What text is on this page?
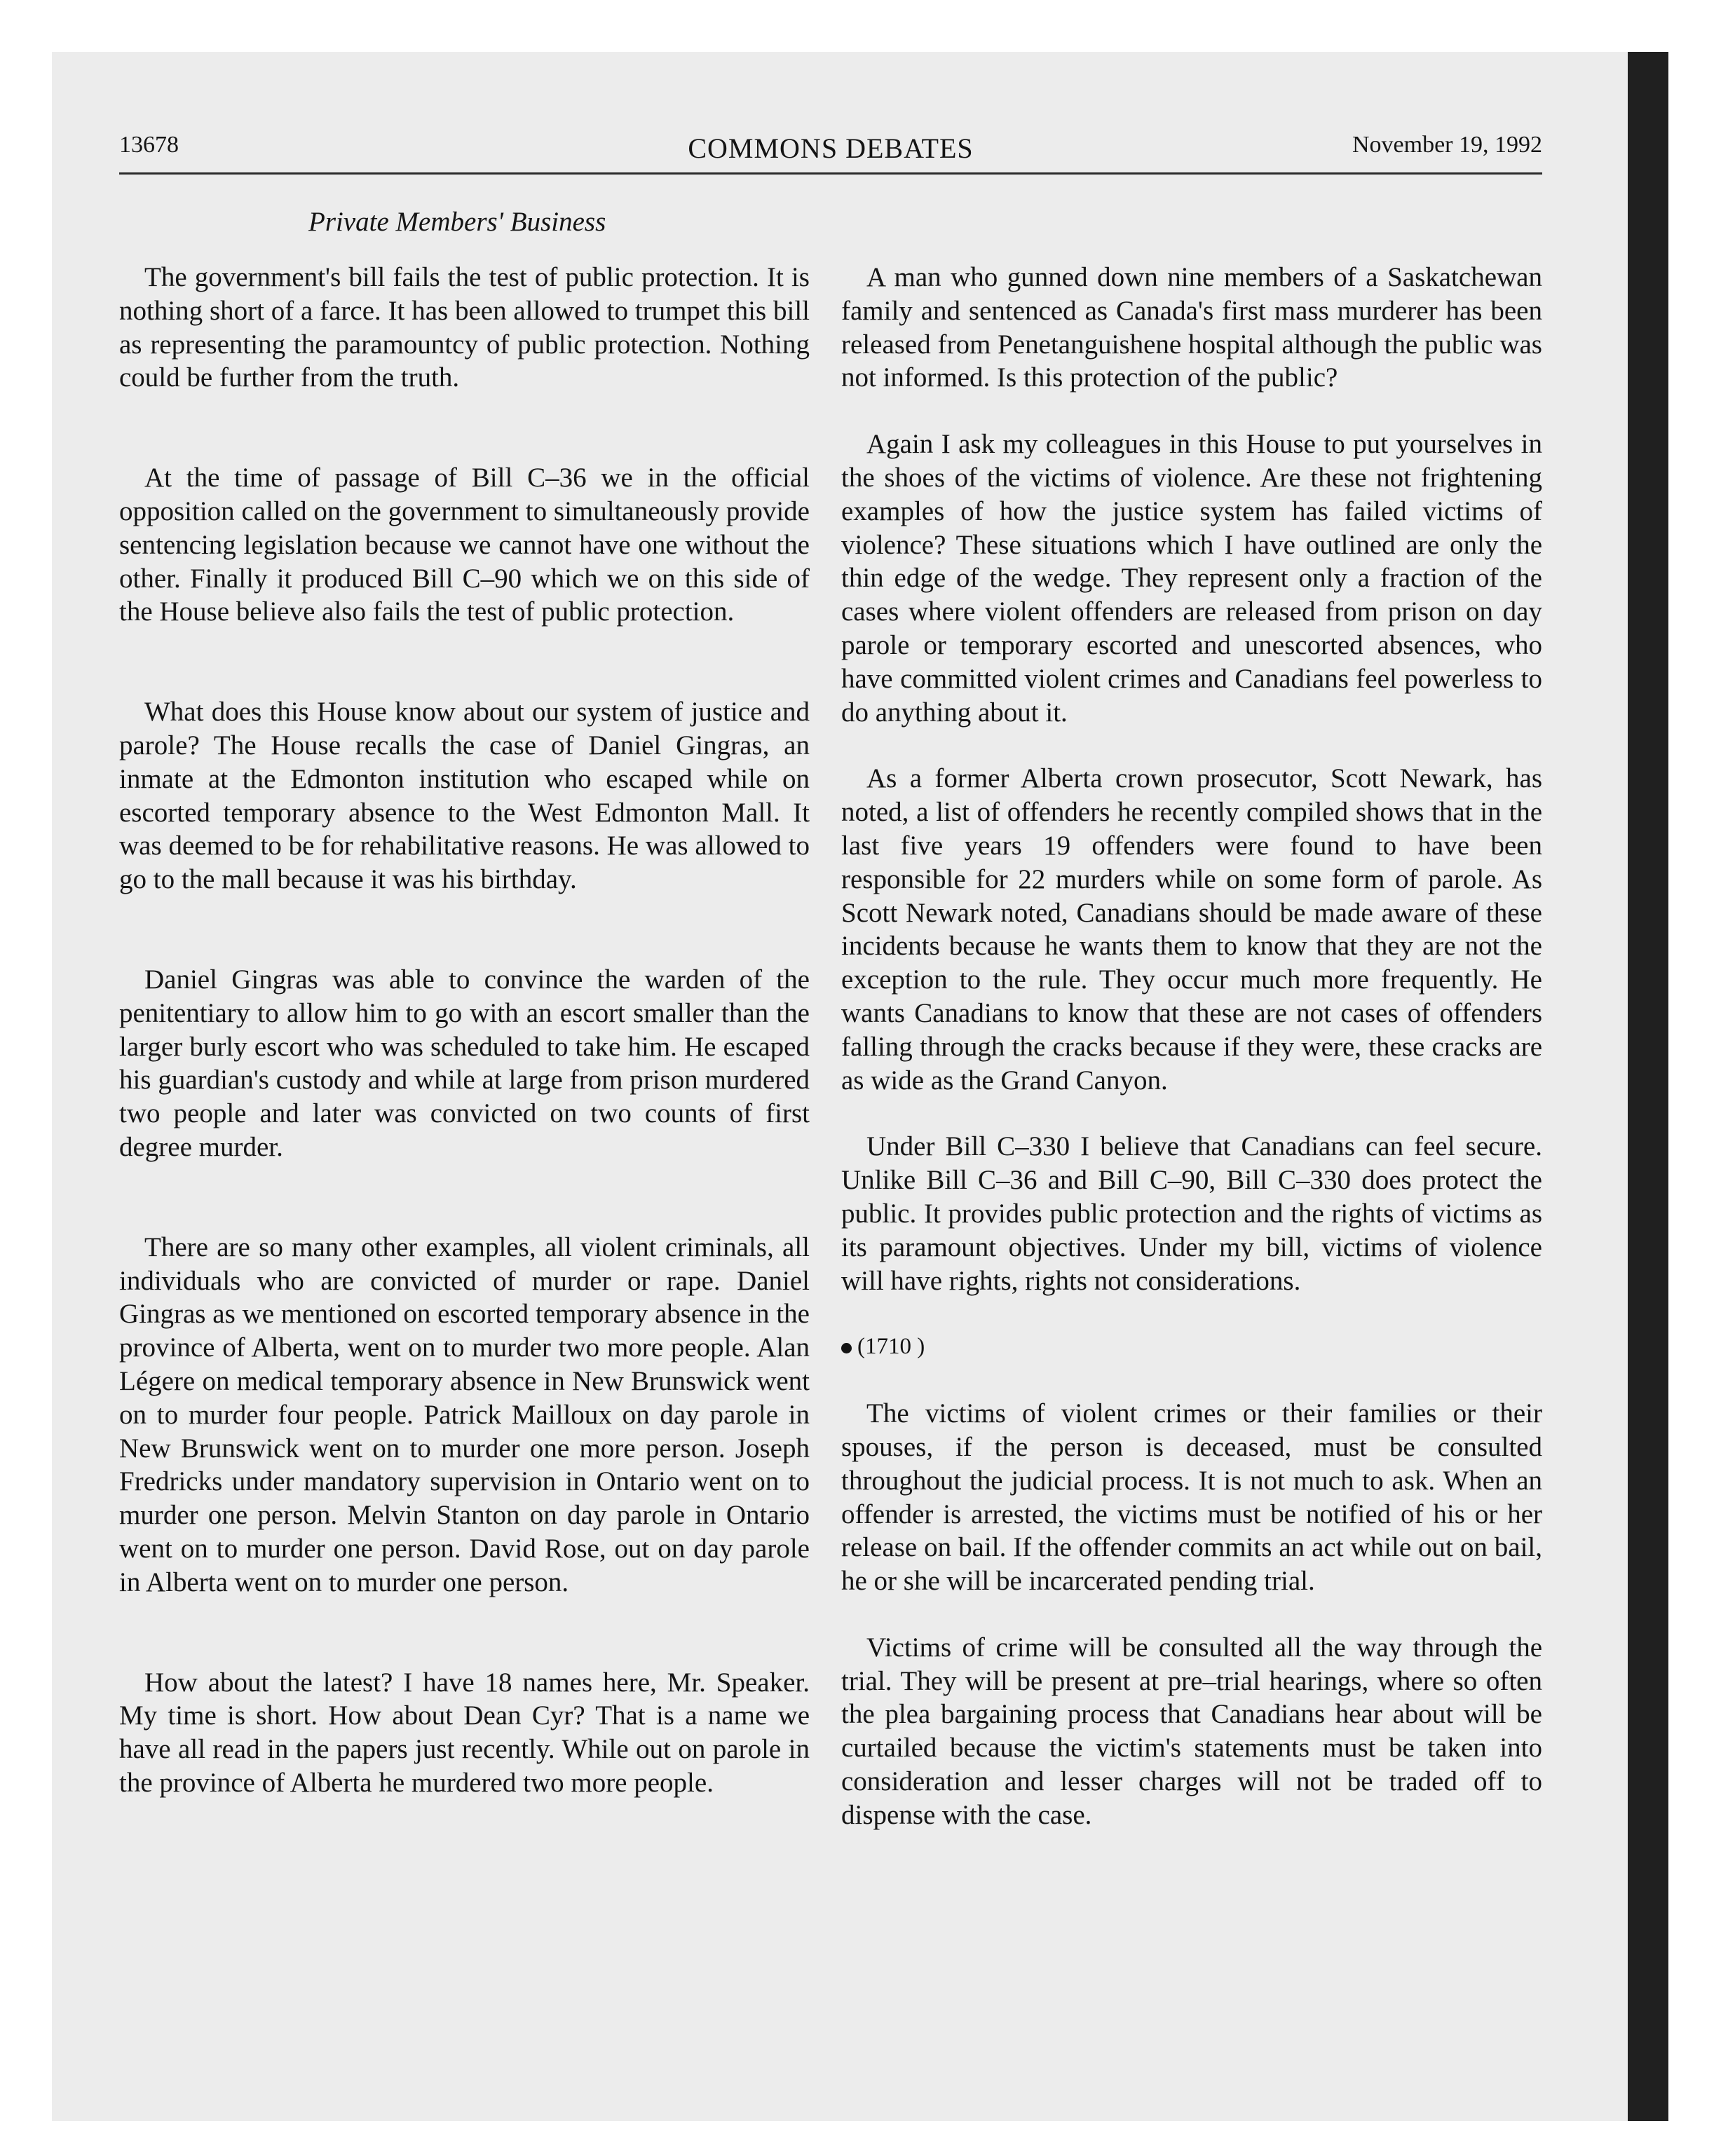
13678	COMMONS DEBATES	November 19, 1992
Private Members' Business

The government's bill fails the test of public protection. It is nothing short of a farce. It has been allowed to trumpet this bill as representing the paramountcy of public protection. Nothing could be further from the truth.

At the time of passage of Bill C–36 we in the official opposition called on the government to simultaneously provide sentencing legislation because we cannot have one without the other. Finally it produced Bill C–90 which we on this side of the House believe also fails the test of public protection.

What does this House know about our system of justice and parole? The House recalls the case of Daniel Gingras, an inmate at the Edmonton institution who escaped while on escorted temporary absence to the West Edmonton Mall. It was deemed to be for rehabilitative reasons. He was allowed to go to the mall because it was his birthday.

Daniel Gingras was able to convince the warden of the penitentiary to allow him to go with an escort smaller than the larger burly escort who was scheduled to take him. He escaped his guardian's custody and while at large from prison murdered two people and later was convicted on two counts of first degree murder.

There are so many other examples, all violent criminals, all individuals who are convicted of murder or rape. Daniel Gingras as we mentioned on escorted temporary absence in the province of Alberta, went on to murder two more people. Alan Légere on medical temporary absence in New Brunswick went on to murder four people. Patrick Mailloux on day parole in New Brunswick went on to murder one more person. Joseph Fredricks under mandatory supervision in Ontario went on to murder one person. Melvin Stanton on day parole in Ontario went on to murder one person. David Rose, out on day parole in Alberta went on to murder one person.

How about the latest? I have 18 names here, Mr. Speaker. My time is short. How about Dean Cyr? That is a name we have all read in the papers just recently. While out on parole in the province of Alberta he murdered two more people.

A man who gunned down nine members of a Saskatchewan family and sentenced as Canada's first mass murderer has been released from Penetanguishene hospital although the public was not informed. Is this protection of the public?

Again I ask my colleagues in this House to put yourselves in the shoes of the victims of violence. Are these not frightening examples of how the justice system has failed victims of violence? These situations which I have outlined are only the thin edge of the wedge. They represent only a fraction of the cases where violent offenders are released from prison on day parole or temporary escorted and unescorted absences, who have committed violent crimes and Canadians feel powerless to do anything about it.

As a former Alberta crown prosecutor, Scott Newark, has noted, a list of offenders he recently compiled shows that in the last five years 19 offenders were found to have been responsible for 22 murders while on some form of parole. As Scott Newark noted, Canadians should be made aware of these incidents because he wants them to know that they are not the exception to the rule. They occur much more frequently. He wants Canadians to know that these are not cases of offenders falling through the cracks because if they were, these cracks are as wide as the Grand Canyon.

Under Bill C–330 I believe that Canadians can feel secure. Unlike Bill C–36 and Bill C–90, Bill C–330 does protect the public. It provides public protection and the rights of victims as its paramount objectives. Under my bill, victims of violence will have rights, rights not considerations.

(1710 )

The victims of violent crimes or their families or their spouses, if the person is deceased, must be consulted throughout the judicial process. It is not much to ask. When an offender is arrested, the victims must be notified of his or her release on bail. If the offender commits an act while out on bail, he or she will be incarcerated pending trial.

Victims of crime will be consulted all the way through the trial. They will be present at pre–trial hearings, where so often the plea bargaining process that Canadians hear about will be curtailed because the victim's statements must be taken into consideration and lesser charges will not be traded off to dispense with the case.
